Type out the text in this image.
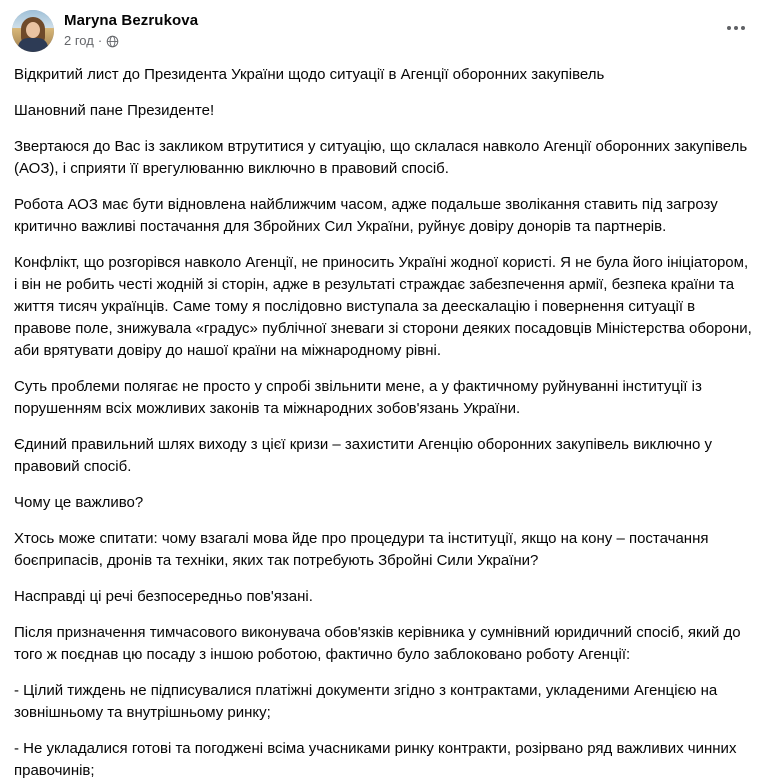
Maryna Bezrukova
2 год ·

Відкритий лист до Президента України щодо ситуації в Агенції оборонних закупівель

Шановний пане Президенте!

Звертаюся до Вас із закликом втрутитися у ситуацію, що склалася навколо Агенції оборонних закупівель (АОЗ), і сприяти її врегулюванню виключно в правовий спосіб.

Робота АОЗ має бути відновлена найближчим часом, адже подальше зволікання ставить під загрозу критично важливі постачання для Збройних Сил України, руйнує довіру донорів та партнерів.

Конфлікт, що розгорівся навколо Агенції, не приносить Україні жодної користі. Я не була його ініціатором, і він не робить честі жодній зі сторін, адже в результаті страждає забезпечення армії, безпека країни та життя тисяч українців. Саме тому я послідовно виступала за деескалацію і повернення ситуації в правове поле, знижувала «градус» публічної зневаги зі сторони деяких посадовців Міністерства оборони, аби врятувати довіру до нашої країни на міжнародному рівні.

Суть проблеми полягає не просто у спробі звільнити мене, а у фактичному руйнуванні інституції із порушенням всіх можливих законів та міжнародних зобов'язань України.

Єдиний правильний шлях виходу з цієї кризи – захистити Агенцію оборонних закупівель виключно у правовий спосіб.

Чому це важливо?

Хтось може спитати: чому взагалі мова йде про процедури та інституції, якщо на кону – постачання боєприпасів, дронів та техніки, яких так потребують Збройні Сили України?

Насправді ці речі безпосередньо пов'язані.

Після призначення тимчасового виконувача обов'язків керівника у сумнівний юридичний спосіб, який до того ж поєднав цю посаду з іншою роботою, фактично було заблоковано роботу Агенції:

- Цілий тиждень не підписувалися платіжні документи згідно з контрактами, укладеними Агенцією на зовнішньому та внутрішньому ринку;

- Не укладалися готові та погоджені всіма учасниками ринку контракти, розірвано ряд важливих чинних правочинів;
